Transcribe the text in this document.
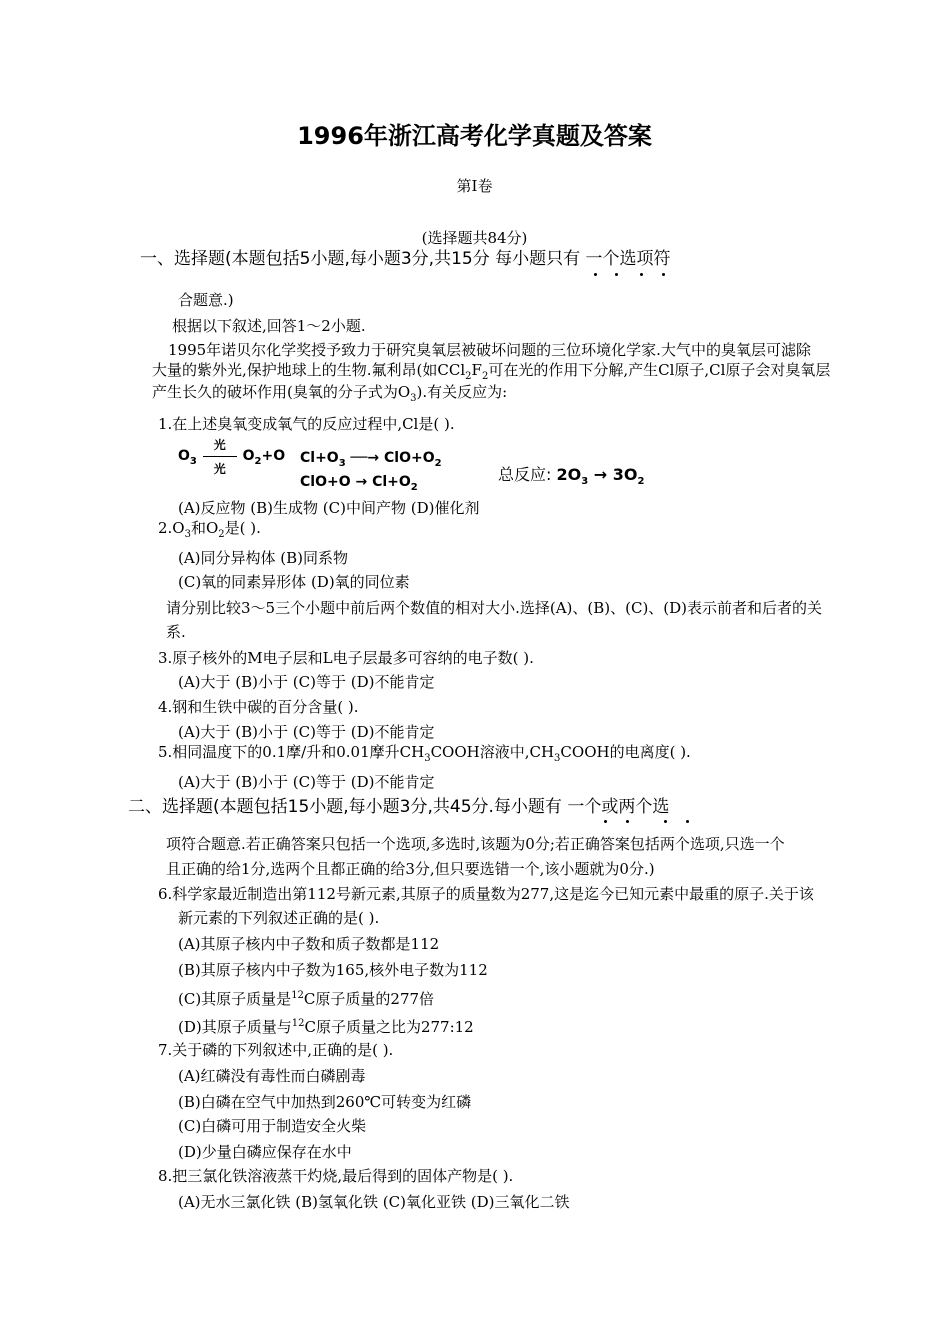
1996年浙江高考化学真题及答案
第I卷
(选择题共84分)
一、选择题(本题包括5小题,每小题3分,共15分 每小题只有 一个选项符
合题意.)
根据以下叙述,回答1～2小题.
1995年诺贝尔化学奖授予致力于研究臭氧层被破坏问题的三位环境化学家.大气中的臭氧层可滤除
大量的紫外光,保护地球上的生物.氟利昂(如$CCl_2F_2$可在光的作用下分解,产生Cl原子,Cl原子会对臭氧层
产生长久的破坏作用(臭氧的分子式为$O_3$).有关反应为:
1.在上述臭氧变成氧气的反应过程中,Cl是( ).
$O_3$
光
光
$O_2+O$ $Cl+O_3$ ──→ $ClO+O_2$
$ClO+O \to Cl+O_2$
总反应: $2O_3 \to 3O_2$
(A)反应物 (B)生成物 (C)中间产物 (D)催化剂
$2.O_3$和$O_2$是( ).
(A)同分异构体 (B)同系物
(C)氧的同素异形体 (D)氧的同位素
请分别比较3～5三个小题中前后两个数值的相对大小.选择(A)、(B)、(C)、(D)表示前者和后者的关
系.
3.原子核外的M电子层和L电子层最多可容纳的电子数( ).
(A)大于 (B)小于 (C)等于 (D)不能肯定
4.钢和生铁中碳的百分含量( ).
(A)大于 (B)小于 (C)等于 (D)不能肯定
5.相同温度下的0.1摩/升和0.01摩升$CH_3COOH$溶液中$,CH_3COOH$的电离度( ).
(A)大于 (B)小于 (C)等于 (D)不能肯定
二、选择题(本题包括15小题,每小题3分,共45分.每小题有 一个或两个选
项符合题意.若正确答案只包括一个选项,多选时,该题为0分;若正确答案包括两个选项,只选一个
且正确的给1分,选两个且都正确的给3分,但只要选错一个,该小题就为0分.)
6.科学家最近制造出第112号新元素,其原子的质量数为277,这是迄今已知元素中最重的原子.关于该
新元素的下列叙述正确的是( ).
(A)其原子核内中子数和质子数都是112
(B)其原子核内中子数为165,核外电子数为112
(C)其原子质量是$^{12}$C原子质量的277倍
(D)其原子质量与$^{12}$C原子质量之比为277:12
7.关于磷的下列叙述中,正确的是( ).
(A)红磷没有毒性而白磷剧毒
(B)白磷在空气中加热到260℃可转变为红磷
(C)白磷可用于制造安全火柴
(D)少量白磷应保存在水中
8.把三氯化铁溶液蒸干灼烧,最后得到的固体产物是( ).
(A)无水三氯化铁 (B)氢氧化铁 (C)氧化亚铁 (D)三氧化二铁
